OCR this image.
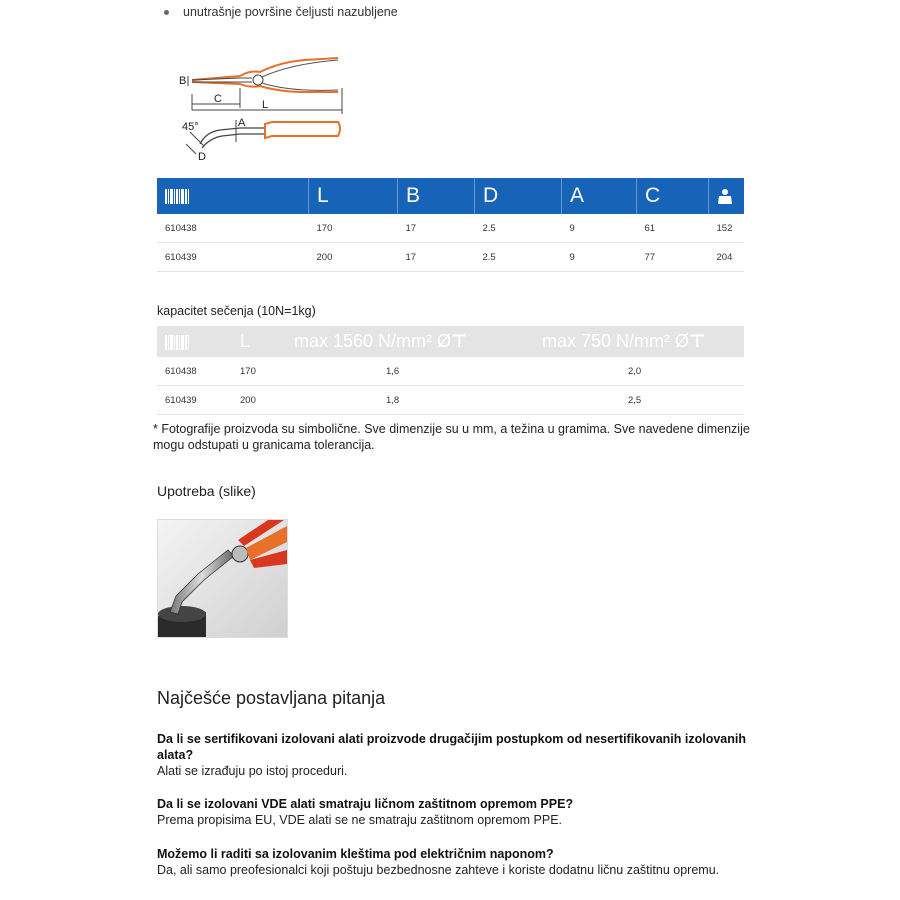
unutrašnje površine čeljusti nazubljene
B
C	L
45°	A
D
	L	B	D	A	C	
610438	170	17	2.5	9	61	152
610439	200	17	2.5	9	77	204
kapacitet sečenja (10N=1kg)
	L	max 1560 N/mm² Ø⊤	max 750 N/mm² Ø⊤
610438	170	1,6	2,0
610439	200	1,8	2,5
* Fotografije proizvoda su simbolične. Sve dimenzije su u mm, a težina u gramima. Sve navedene dimenzije mogu odstupati u granicama tolerancija.
Upotreba (slike)
Najčešće postavljana pitanja
Da li se sertifikovani izolovani alati proizvode drugačijim postupkom od nesertifikovanih izolovanih alata?
Alati se izrađuju po istoj proceduri.
Da li se izolovani VDE alati smatraju ličnom zaštitnom opremom PPE?
Prema propisima EU, VDE alati se ne smatraju zaštitnom opremom PPE.
Možemo li raditi sa izolovanim kleštima pod električnim naponom?
Da, ali samo preofesionalci koji poštuju bezbednosne zahteve i koriste dodatnu ličnu zaštitnu opremu.
